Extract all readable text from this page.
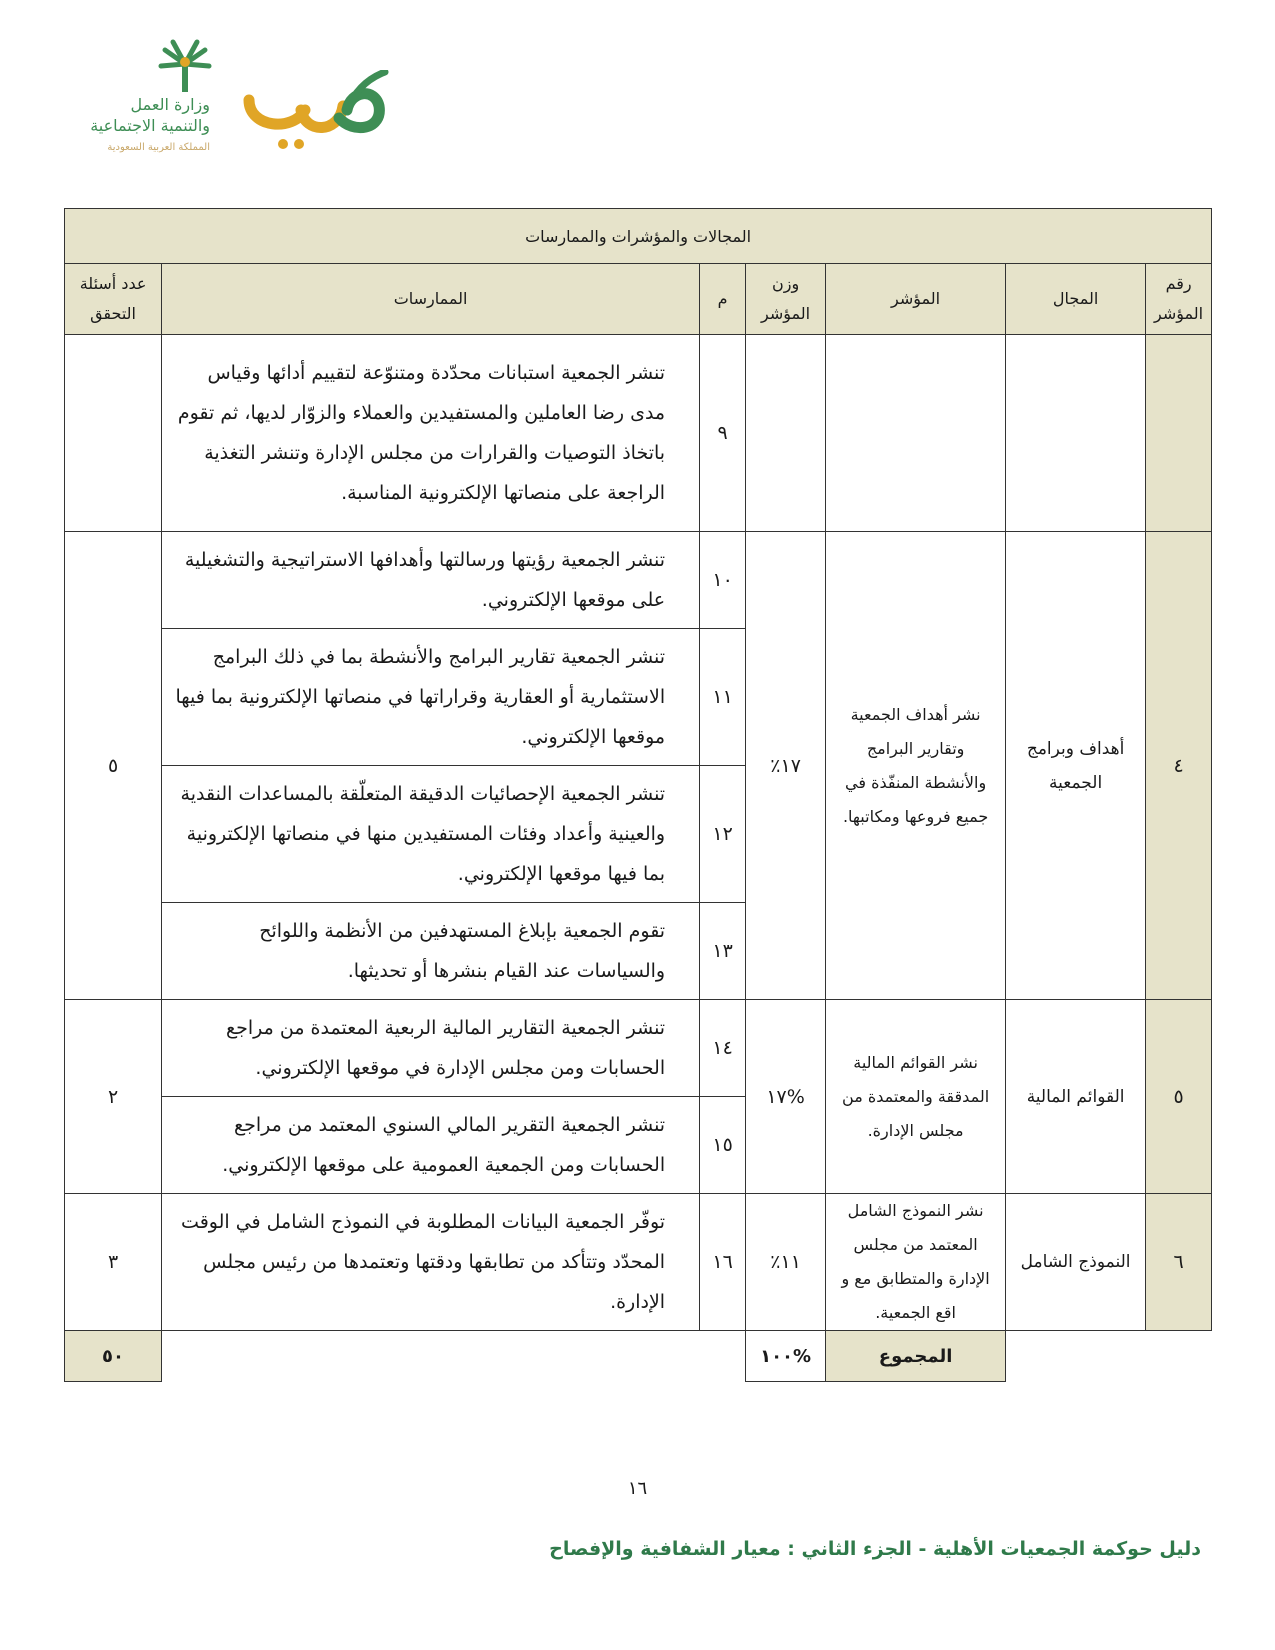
وزارة العمل
والتنمية الاجتماعية
المملكة العربية السعودية
المجالات والمؤشرات والممارسات						
رقم المؤشر	المجال	المؤشر	وزن المؤشر	م	الممارسات	عدد أسئلة التحقق
				٩	تنشر الجمعية استبانات محدّدة ومتنوّعة لتقييم أدائها وقياس مدى رضا العاملين والمستفيدين والعملاء والزوّار لديها، ثم تقوم باتخاذ التوصيات والقرارات من مجلس الإدارة وتنشر التغذية الراجعة على منصاتها الإلكترونية المناسبة.	
٤	أهداف وبرامج الجمعية	نشر أهداف الجمعية وتقارير البرامج والأنشطة المنفّذة في جميع فروعها ومكاتبها.	١٧٪	١٠	تنشر الجمعية رؤيتها ورسالتها وأهدافها الاستراتيجية والتشغيلية على موقعها الإلكتروني.	٥
				١١	تنشر الجمعية تقارير البرامج والأنشطة بما في ذلك البرامج الاستثمارية أو العقارية وقراراتها في منصاتها الإلكترونية بما فيها موقعها الإلكتروني.	
				١٢	تنشر الجمعية الإحصائيات الدقيقة المتعلّقة بالمساعدات النقدية والعينية وأعداد وفئات المستفيدين منها في منصاتها الإلكترونية بما فيها موقعها الإلكتروني.	
				١٣	تقوم الجمعية بإبلاغ المستهدفين من الأنظمة واللوائح والسياسات عند القيام بنشرها أو تحديثها.	
٥	القوائم المالية	نشر القوائم المالية المدققة والمعتمدة من مجلس الإدارة.	%١٧	١٤	تنشر الجمعية التقارير المالية الربعية المعتمدة من مراجع الحسابات ومن مجلس الإدارة في موقعها الإلكتروني.	٢
				١٥	تنشر الجمعية التقرير المالي السنوي المعتمد من مراجع الحسابات ومن الجمعية العمومية على موقعها الإلكتروني.	
٦	النموذج الشامل	نشر النموذج الشامل المعتمد من مجلس الإدارة والمتطابق مع و اقع الجمعية.	١١٪	١٦	توفّر الجمعية البيانات المطلوبة في النموذج الشامل في الوقت المحدّد وتتأكد من تطابقها ودقتها وتعتمدها من رئيس مجلس الإدارة.	٣
		المجموع	%١٠٠			٥٠
١٦
دليل حوكمة الجمعيات الأهلية - الجزء الثاني : معيار الشفافية والإفصاح
